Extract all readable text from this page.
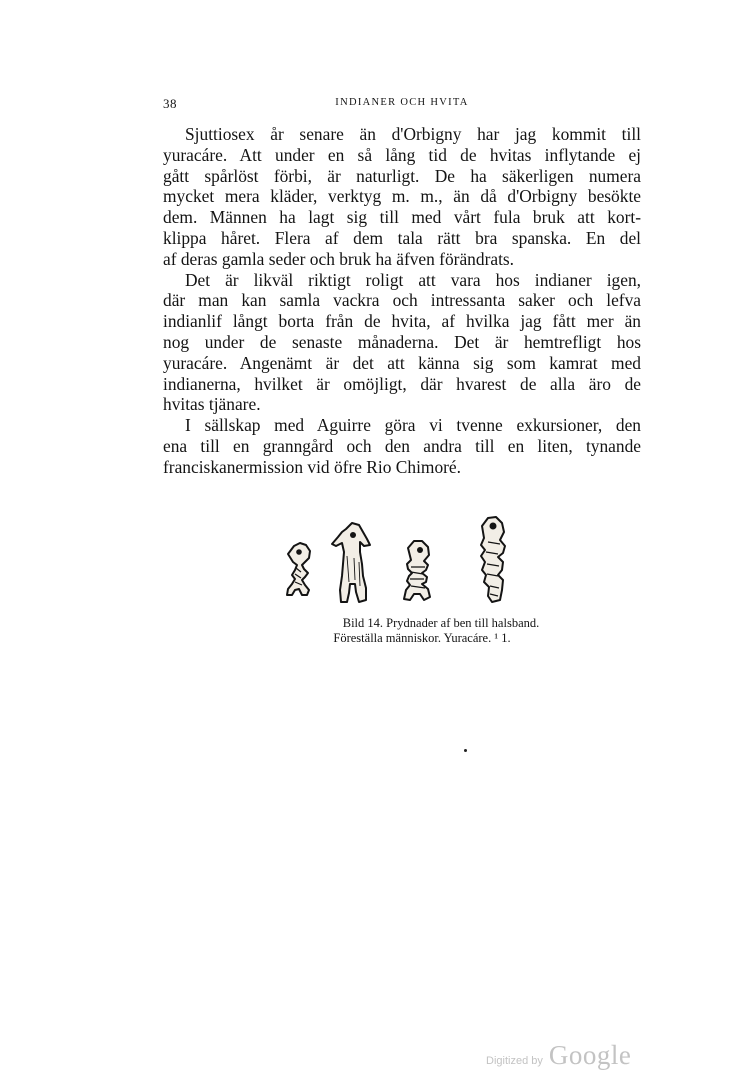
38	INDIANER OCH HVITA
Sjuttiosex år senare än d'Orbigny har jag kommit till
yuracáre. Att under en så lång tid de hvitas inflytande ej
gått spårlöst förbi, är naturligt. De ha säkerligen numera
mycket mera kläder, verktyg m. m., än då d'Orbigny besökte
dem. Männen ha lagt sig till med vårt fula bruk att kort-
klippa håret. Flera af dem tala rätt bra spanska. En del
af deras gamla seder och bruk ha äfven förändrats.
Det är likväl riktigt roligt att vara hos indianer igen,
där man kan samla vackra och intressanta saker och lefva
indianlif långt borta från de hvita, af hvilka jag fått mer än
nog under de senaste månaderna. Det är hemtrefligt hos
yuracáre. Angenämt är det att känna sig som kamrat med
indianerna, hvilket är omöjligt, där hvarest de alla äro de
hvitas tjänare.
I sällskap med Aguirre göra vi tvenne exkursioner, den
ena till en granngård och den andra till en liten, tynande
franciskanermission vid öfre Rio Chimoré.
Bild 14. Prydnader af ben till halsband.
Föreställa människor. Yuracáre. ¹ 1.
Digitized by Google
